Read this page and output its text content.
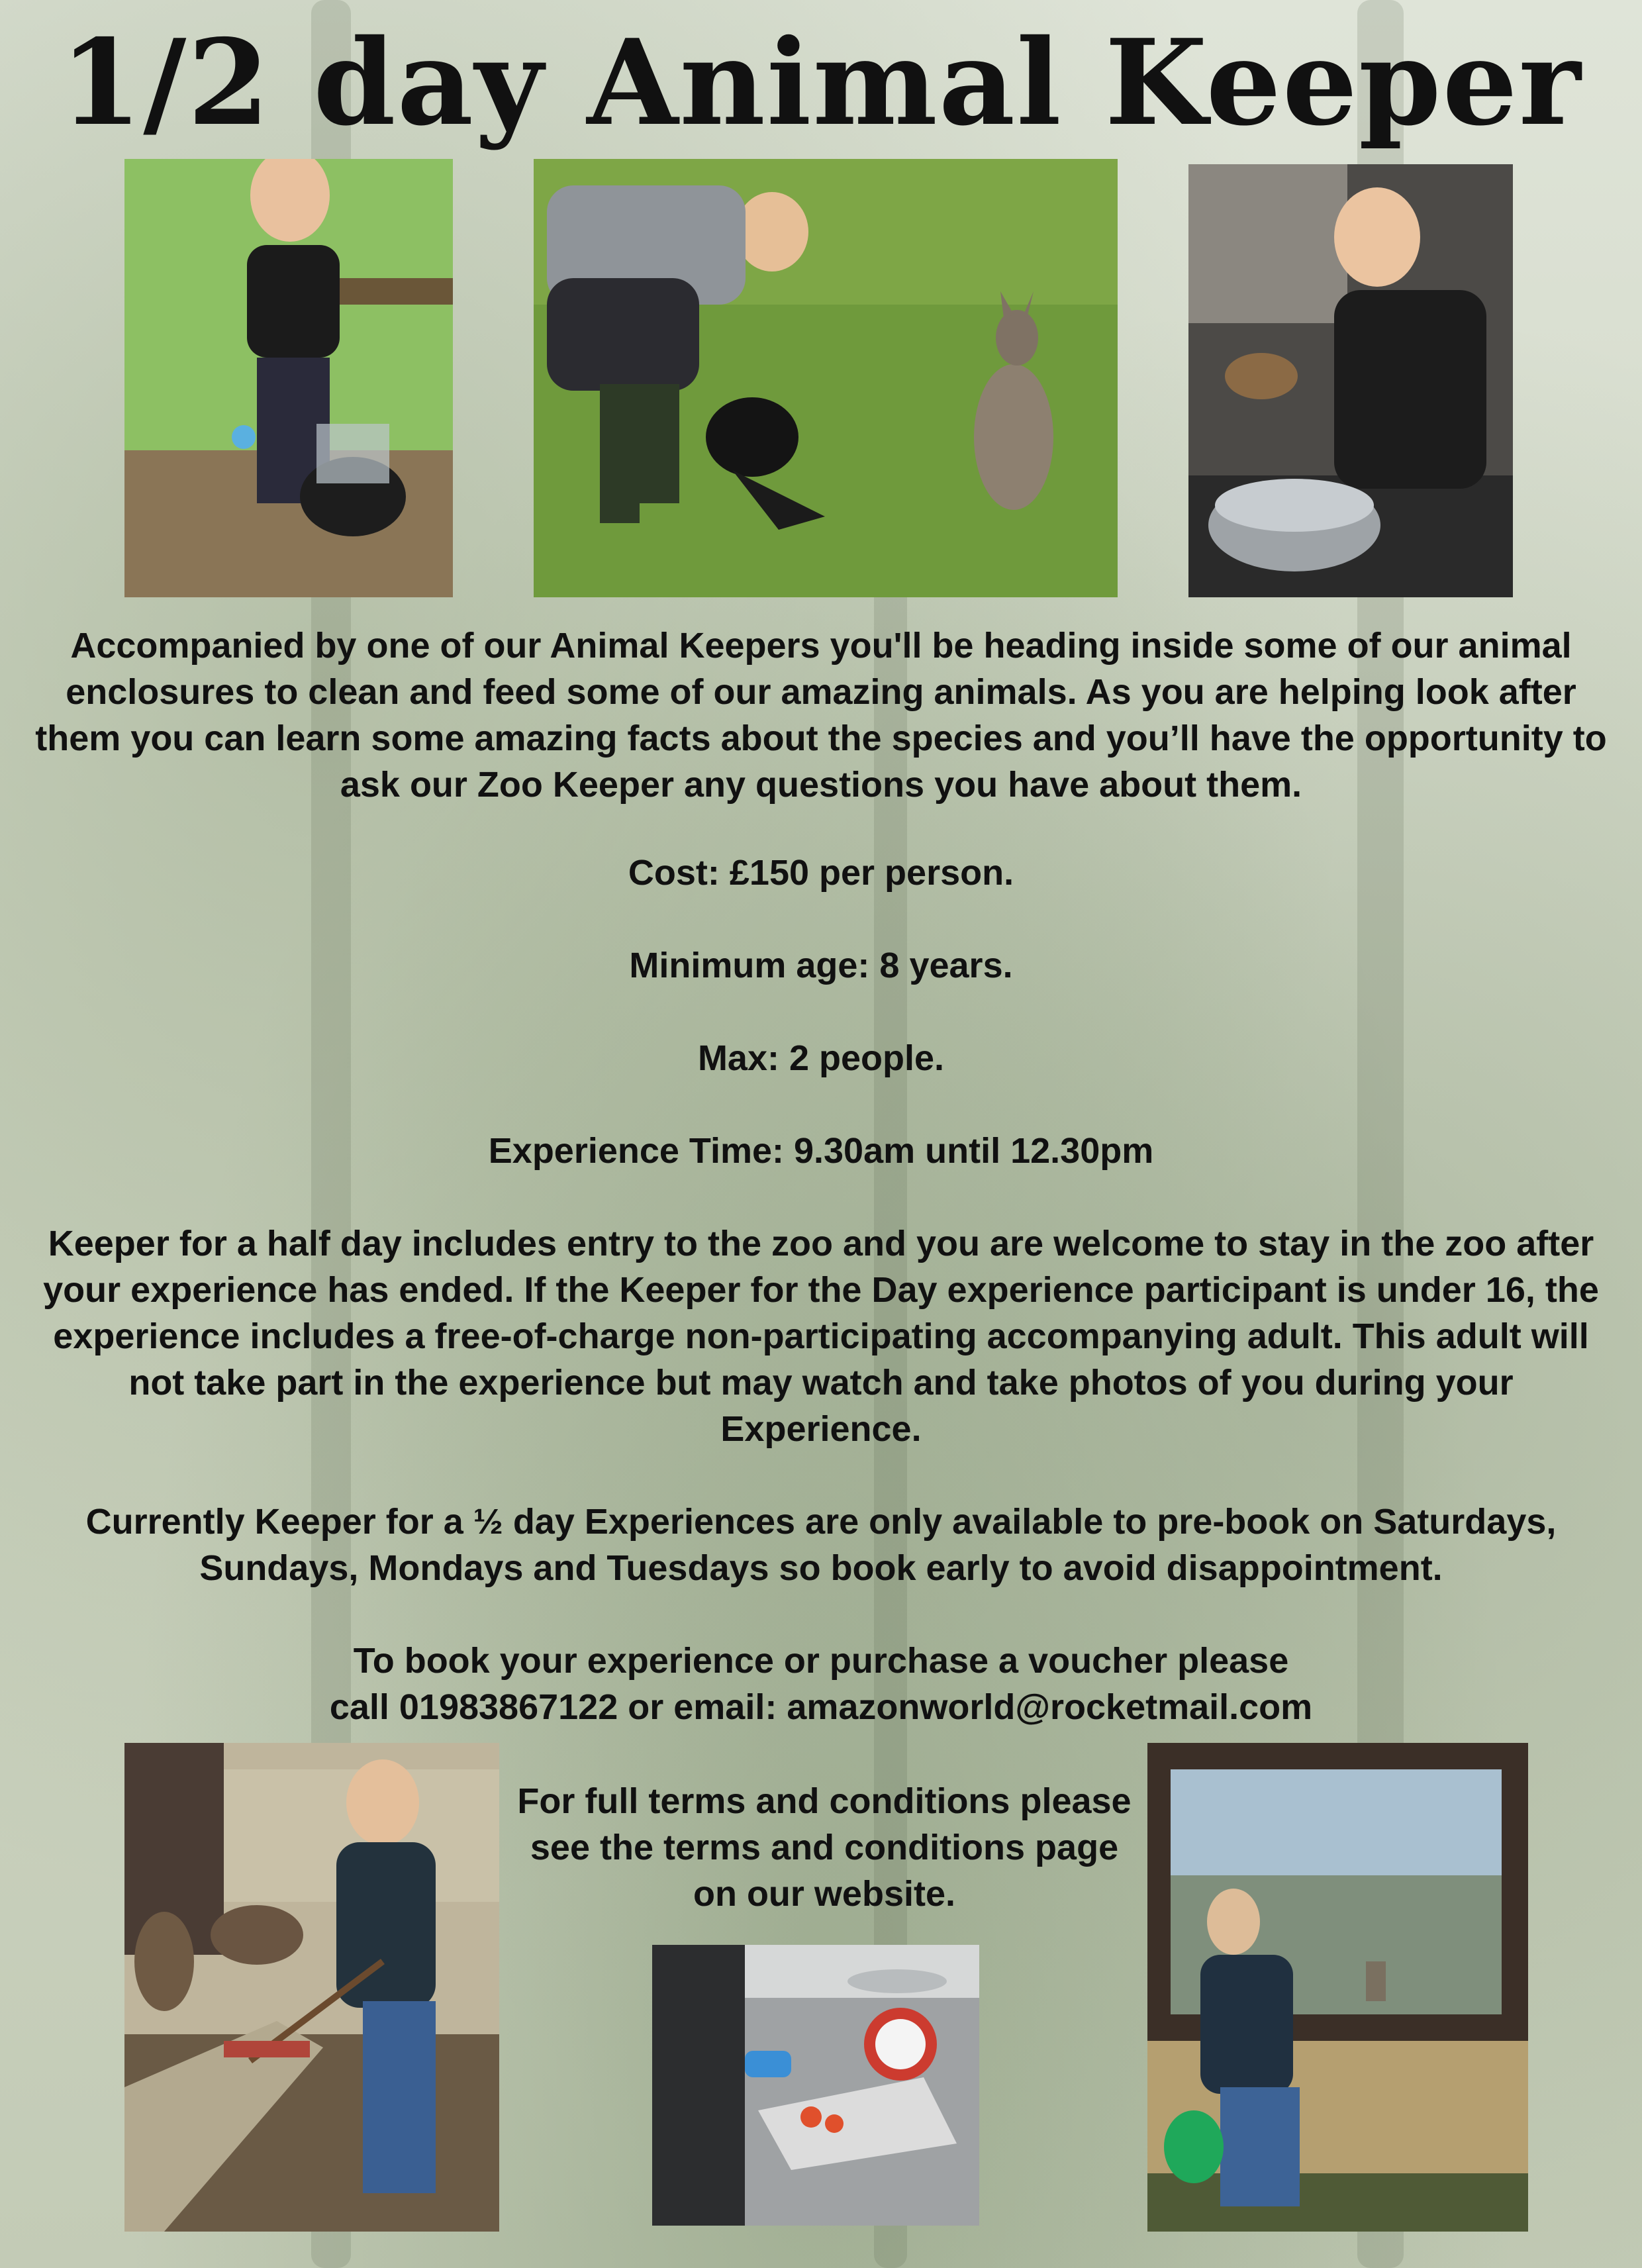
1/2 day Animal Keeper

Accompanied by one of our Animal Keepers you'll be heading inside some of our animal enclosures to clean and feed some of our amazing animals. As you are helping look after them you can learn some amazing facts about the species and you’ll have the opportunity to ask our Zoo Keeper any questions you have about them.

Cost: £150 per person.

Minimum age: 8 years.

Max: 2 people.

Experience Time: 9.30am until 12.30pm

Keeper for a half day includes entry to the zoo and you are welcome to stay in the zoo after your experience has ended. If the Keeper for the Day experience participant is under 16, the experience includes a free-of-charge non-participating accompanying adult. This adult will not take part in the experience but may watch and take photos of you during your Experience.

Currently Keeper for a ½ day Experiences are only available to pre-book on Saturdays, Sundays, Mondays and Tuesdays so book early to avoid disappointment.

To book your experience or purchase a voucher please

call 01983867122 or email: amazonworld@rocketmail.com

For full terms and conditions please see the terms and conditions page on our website.
